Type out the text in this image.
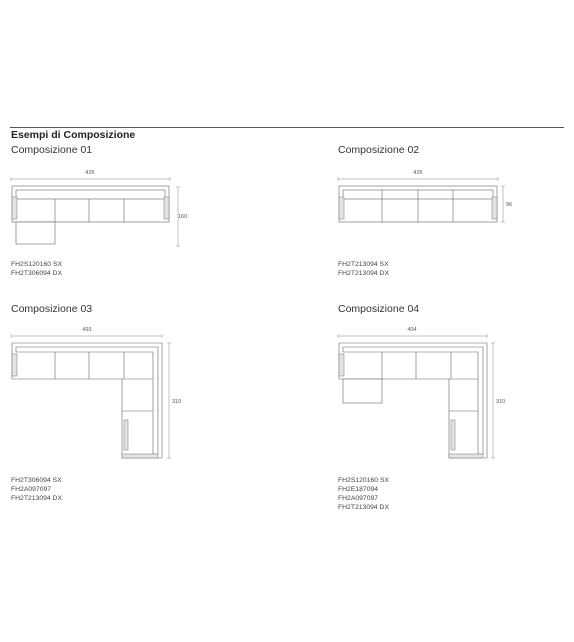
Esempi di Composizione
Composizione 01
426
160
FH2S120160 SX
FH2T306094 DX
Composizione 02
426
96
FH2T213094 SX
FH2T213094 DX
Composizione 03
493
310
FH2T306094 SX
FH2A097097
FH2T213094 DX
Composizione 04
404
310
FH2S120160 SX
FH2E187094
FH2A097097
FH2T213094 DX
